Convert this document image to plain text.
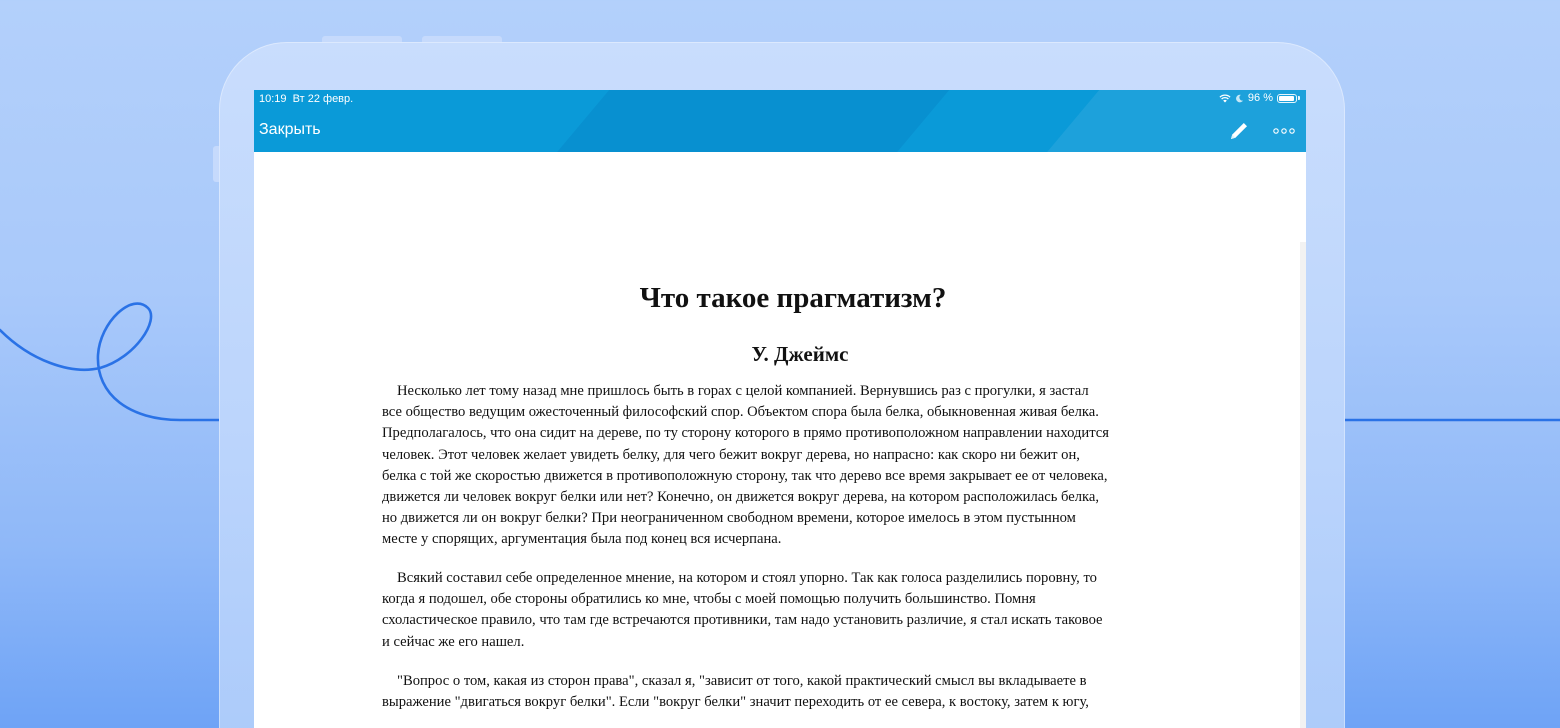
10:19 Вт 22 февр.	96 %
Закрыть
Что такое прагматизм?
У. Джеймс
Несколько лет тому назад мне пришлось быть в горах с целой компанией. Вернувшись раз с прогулки, я застал
все общество ведущим ожесточенный философский спор. Объектом спора была белка, обыкновенная живая белка.
Предполагалось, что она сидит на дереве, по ту сторону которого в прямо противоположном направлении находится
человек. Этот человек желает увидеть белку, для чего бежит вокруг дерева, но напрасно: как скоро ни бежит он,
белка с той же скоростью движется в противоположную сторону, так что дерево все время закрывает ее от человека,
движется ли человек вокруг белки или нет? Конечно, он движется вокруг дерева, на котором расположилась белка,
но движется ли он вокруг белки? При неограниченном свободном времени, которое имелось в этом пустынном
месте у спорящих, аргументация была под конец вся исчерпана.
Всякий составил себе определенное мнение, на котором и стоял упорно. Так как голоса разделились поровну, то
когда я подошел, обе стороны обратились ко мне, чтобы с моей помощью получить большинство. Помня
схоластическое правило, что там где встречаются противники, там надо установить различие, я стал искать таковое
и сейчас же его нашел.
"Вопрос о том, какая из сторон права", сказал я, "зависит от того, какой практический смысл вы вкладываете в
выражение "двигаться вокруг белки". Если "вокруг белки" значит переходить от ее севера, к востоку, затем к югу,
